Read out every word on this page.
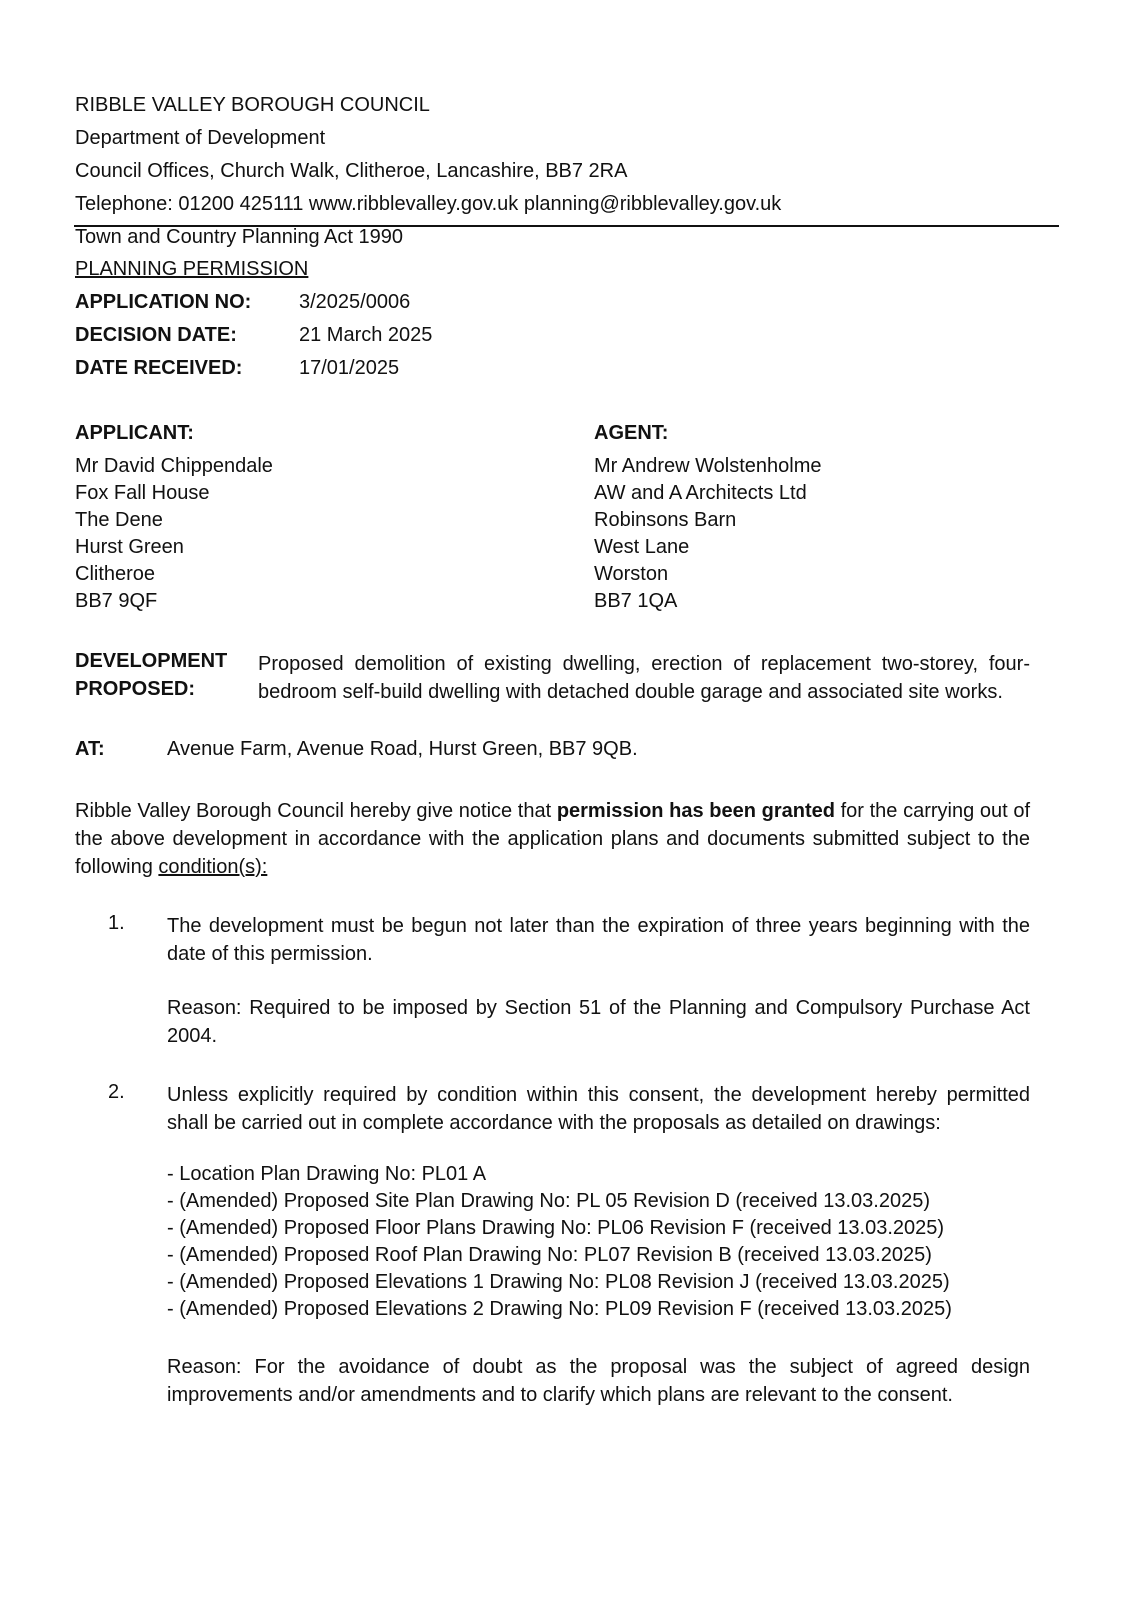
RIBBLE VALLEY BOROUGH COUNCIL
Department of Development
Council Offices, Church Walk, Clitheroe, Lancashire, BB7 2RA
Telephone: 01200 425111 www.ribblevalley.gov.uk planning@ribblevalley.gov.uk
Town and Country Planning Act 1990
PLANNING PERMISSION
APPLICATION NO: 3/2025/0006
DECISION DATE:	21 March 2025
DATE RECEIVED:	17/01/2025
APPLICANT:
Mr David Chippendale
Fox Fall House
The Dene
Hurst Green
Clitheroe
BB7 9QF
AGENT:
Mr Andrew Wolstenholme
AW and A Architects Ltd
Robinsons Barn
West Lane
Worston
BB7 1QA
DEVELOPMENT
PROPOSED:
Proposed demolition of existing dwelling, erection of replacement two-storey, four-bedroom self-build dwelling with detached double garage and associated site works.
AT:	Avenue Farm, Avenue Road, Hurst Green, BB7 9QB.
Ribble Valley Borough Council hereby give notice that permission has been granted for the carrying out of the above development in accordance with the application plans and documents submitted subject to the following condition(s):
1. The development must be begun not later than the expiration of three years beginning with the date of this permission.
Reason: Required to be imposed by Section 51 of the Planning and Compulsory Purchase Act 2004.
2. Unless explicitly required by condition within this consent, the development hereby permitted shall be carried out in complete accordance with the proposals as detailed on drawings:
- Location Plan Drawing No: PL01 A
- (Amended) Proposed Site Plan Drawing No: PL 05 Revision D (received 13.03.2025)
- (Amended) Proposed Floor Plans Drawing No: PL06 Revision F (received 13.03.2025)
- (Amended) Proposed Roof Plan Drawing No: PL07 Revision B (received 13.03.2025)
- (Amended) Proposed Elevations 1 Drawing No: PL08 Revision J (received 13.03.2025)
- (Amended) Proposed Elevations 2 Drawing No: PL09 Revision F (received 13.03.2025)
Reason: For the avoidance of doubt as the proposal was the subject of agreed design improvements and/or amendments and to clarify which plans are relevant to the consent.
